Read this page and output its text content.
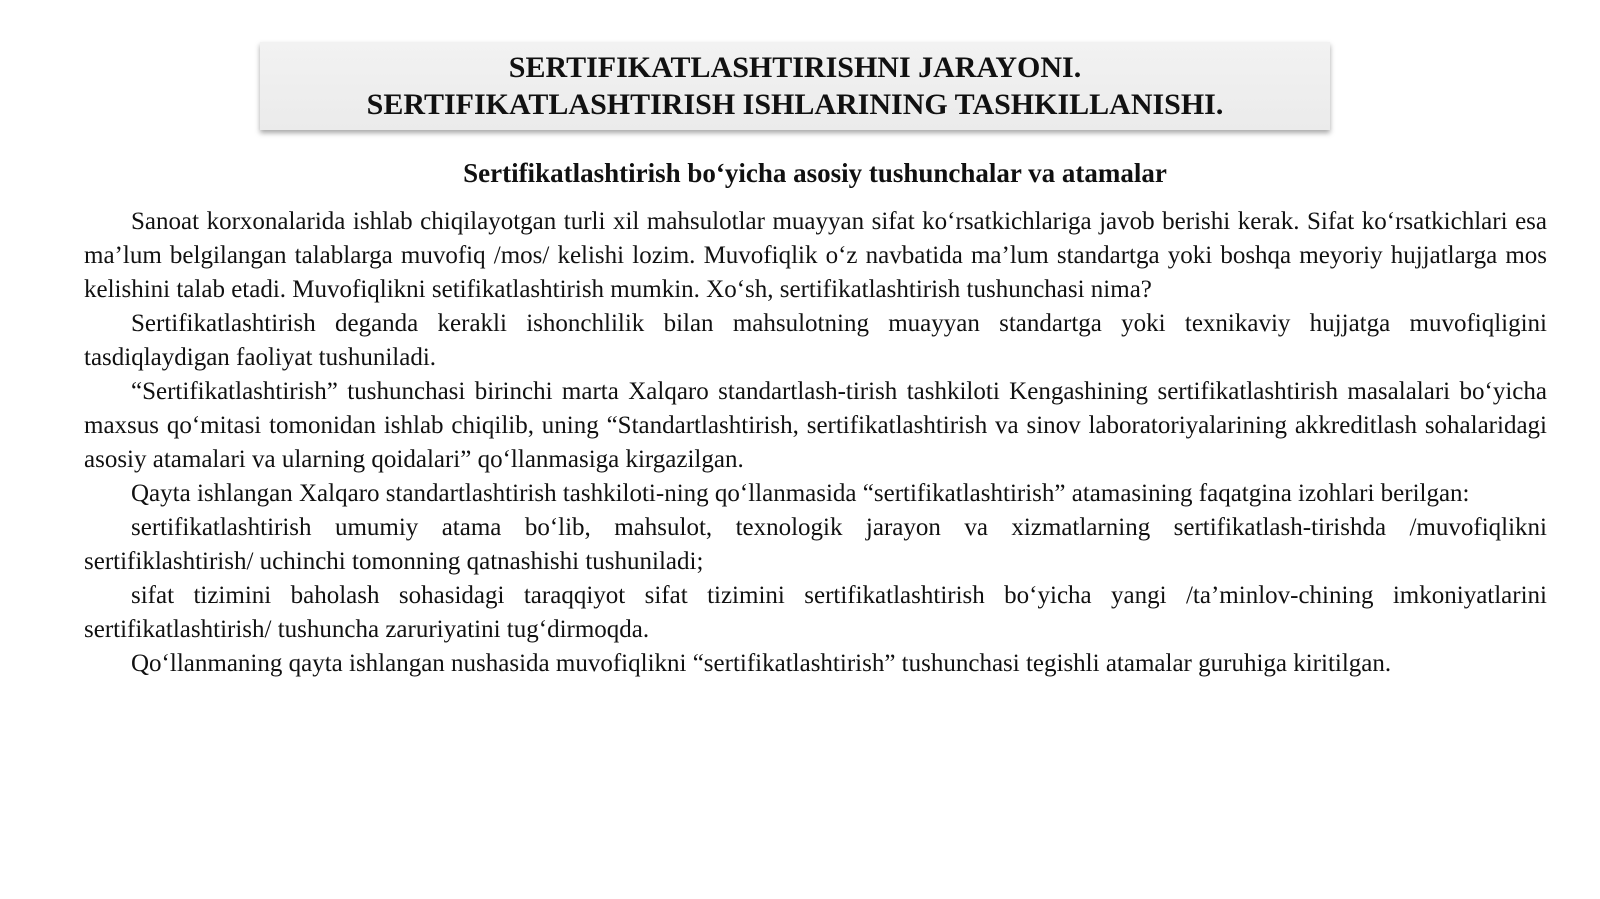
SERTIFIKATLASHTIRISHNI JARAYONI.
SERTIFIKATLASHTIRISH ISHLARINING TASHKILLANISHI.
Sertifikatlashtirish bo‘yicha asosiy tushunchalar va atamalar

Sanoat korxonalarida ishlab chiqilayotgan turli xil mahsulotlar muayyan sifat ko‘rsatkichlariga javob berishi kerak. Sifat ko‘rsatkichlari esa ma’lum belgilangan talablarga muvofiq /mos/ kelishi lozim. Muvofiqlik o‘z navbatida ma’lum standartga yoki boshqa meyoriy hujjatlarga mos kelishini talab etadi. Muvofiqlikni setifikatlashtirish mumkin. Xo‘sh, sertifikatlashtirish tushunchasi nima?

Sertifikatlashtirish deganda kerakli ishonchlilik bilan mahsulotning muayyan standartga yoki texnikaviy hujjatga muvofiqligini tasdiqlaydigan faoliyat tushuniladi.

“Sertifikatlashtirish” tushunchasi birinchi marta Xalqaro standartlash-tirish tashkiloti Kengashining sertifikatlashtirish masalalari bo‘yicha maxsus qo‘mitasi tomonidan ishlab chiqilib, uning “Standartlashtirish, sertifikatlashtirish va sinov laboratoriyalarining akkreditlash sohalaridagi asosiy atamalari va ularning qoidalari” qo‘llanmasiga kirgazilgan.

Qayta ishlangan Xalqaro standartlashtirish tashkiloti-ning qo‘llanmasida “sertifikatlashtirish” atamasining faqatgina izohlari berilgan:

sertifikatlashtirish umumiy atama bo‘lib, mahsulot, texnologik jarayon va xizmatlarning sertifikatlash-tirishda /muvofiqlikni sertifiklashtirish/ uchinchi tomonning qatnashishi tushuniladi;

sifat tizimini baholash sohasidagi taraqqiyot sifat tizimini sertifikatlashtirish bo‘yicha yangi /ta’minlov-chining imkoniyatlarini sertifikatlashtirish/ tushuncha zaruriyatini tug‘dirmoqda.

Qo‘llanmaning qayta ishlangan nushasida muvofiqlikni “sertifikatlashtirish” tushunchasi tegishli atamalar guruhiga kiritilgan.
